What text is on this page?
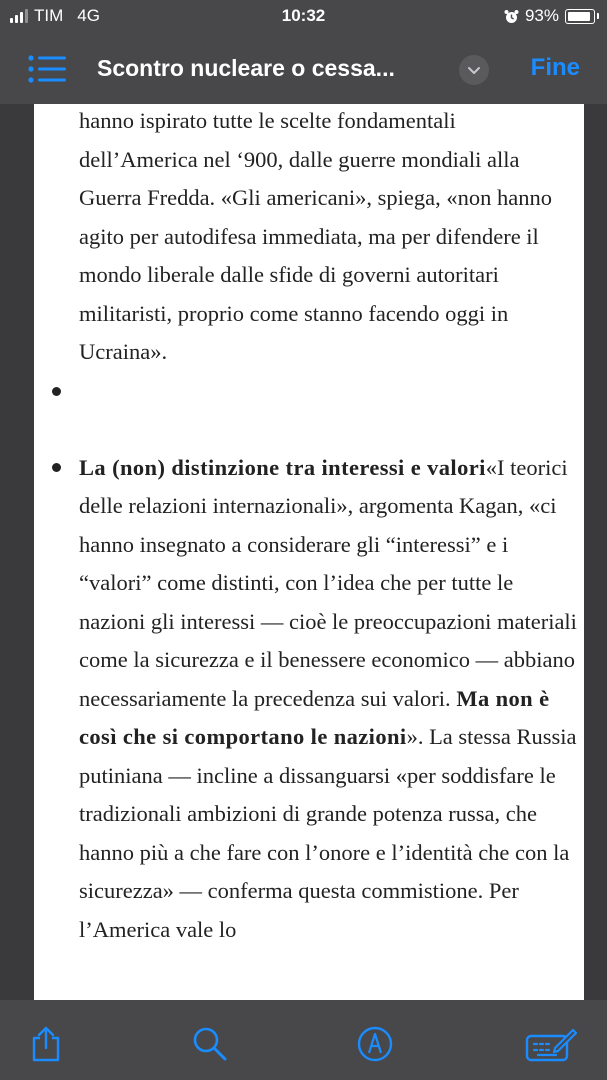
TIM 4G	10:32	93%
Scontro nucleare o cessa...	Fine

hanno ispirato tutte le scelte fondamentali dell’America nel ‘900, dalle guerre mondiali alla Guerra Fredda. «Gli americani», spiega, «non hanno agito per autodifesa immediata, ma per difendere il mondo liberale dalle sfide di governi autoritari militaristi, proprio come stanno facendo oggi in Ucraina».

La (non) distinzione tra interessi e valori«I teorici delle relazioni internazionali», argomenta Kagan, «ci hanno insegnato a considerare gli “interessi” e i “valori” come distinti, con l’idea che per tutte le nazioni gli interessi — cioè le preoccupazioni materiali come la sicurezza e il benessere economico — abbiano necessariamente la precedenza sui valori. Ma non è così che si comportano le nazioni». La stessa Russia putiniana — incline a dissanguarsi «per soddisfare le tradizionali ambizioni di grande potenza russa, che hanno più a che fare con l’onore e l’identità che con la sicurezza» — conferma questa commistione. Per l’America vale lo
